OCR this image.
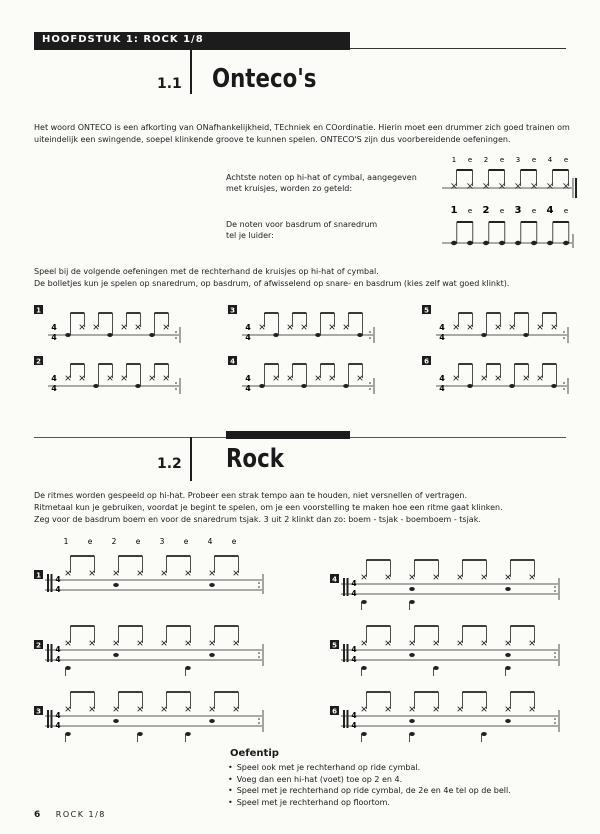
HOOFDSTUK 1: ROCK 1/8
1.1 Onteco's

Het woord ONTECO is een afkorting van ONafhankelijkheid, TEchniek en COordinatie. Hierin moet een drummer zich goed trainen om

uiteindelijk een swingende, soepel klinkende groove te kunnen spelen. ONTECO'S zijn dus voorbereidende oefeningen.

Achtste noten op hi-hat of cymbal, aangegeven
met kruisjes, worden zo geteld:
De noten voor basdrum of snaredrum
tel je luider:
1 e 2 e 3 e 4 e
1 e 2 e 3 e 4 e

Speel bij de volgende oefeningen met de rechterhand de kruisjes op hi-hat of cymbal.

De bolletjes kun je spelen op snaredrum, op basdrum, of afwisselend op snare- en basdrum (kies zelf wat goed klinkt).

1
4
4
2
4
4
3
4
4
4
4
4
5
4
4
6
4
4
1.2 Rock

De ritmes worden gespeeld op hi-hat. Probeer een strak tempo aan te houden, niet versnellen of vertragen.

Ritmetaal kun je gebruiken, voordat je begint te spelen, om je een voorstelling te maken hoe een ritme gaat klinken.

Zeg voor de basdrum boem en voor de snaredrum tsjak. 3 uit 2 klinkt dan zo: boem - tsjak - boemboem - tsjak.

1	e	2	e	3	e	4	e
1 4
4
2 4
4
3 4
4
4 4
4
5 4
4
6 4
4
Oefentip
• Speel ook met je rechterhand op ride cymbal.
• Voeg dan een hi-hat (voet) toe op 2 en 4.
• Speel met je rechterhand op ride cymbal, de 2e en 4e tel op de bell.
• Speel met je rechterhand op floortom.
6 ROCK 1/8
